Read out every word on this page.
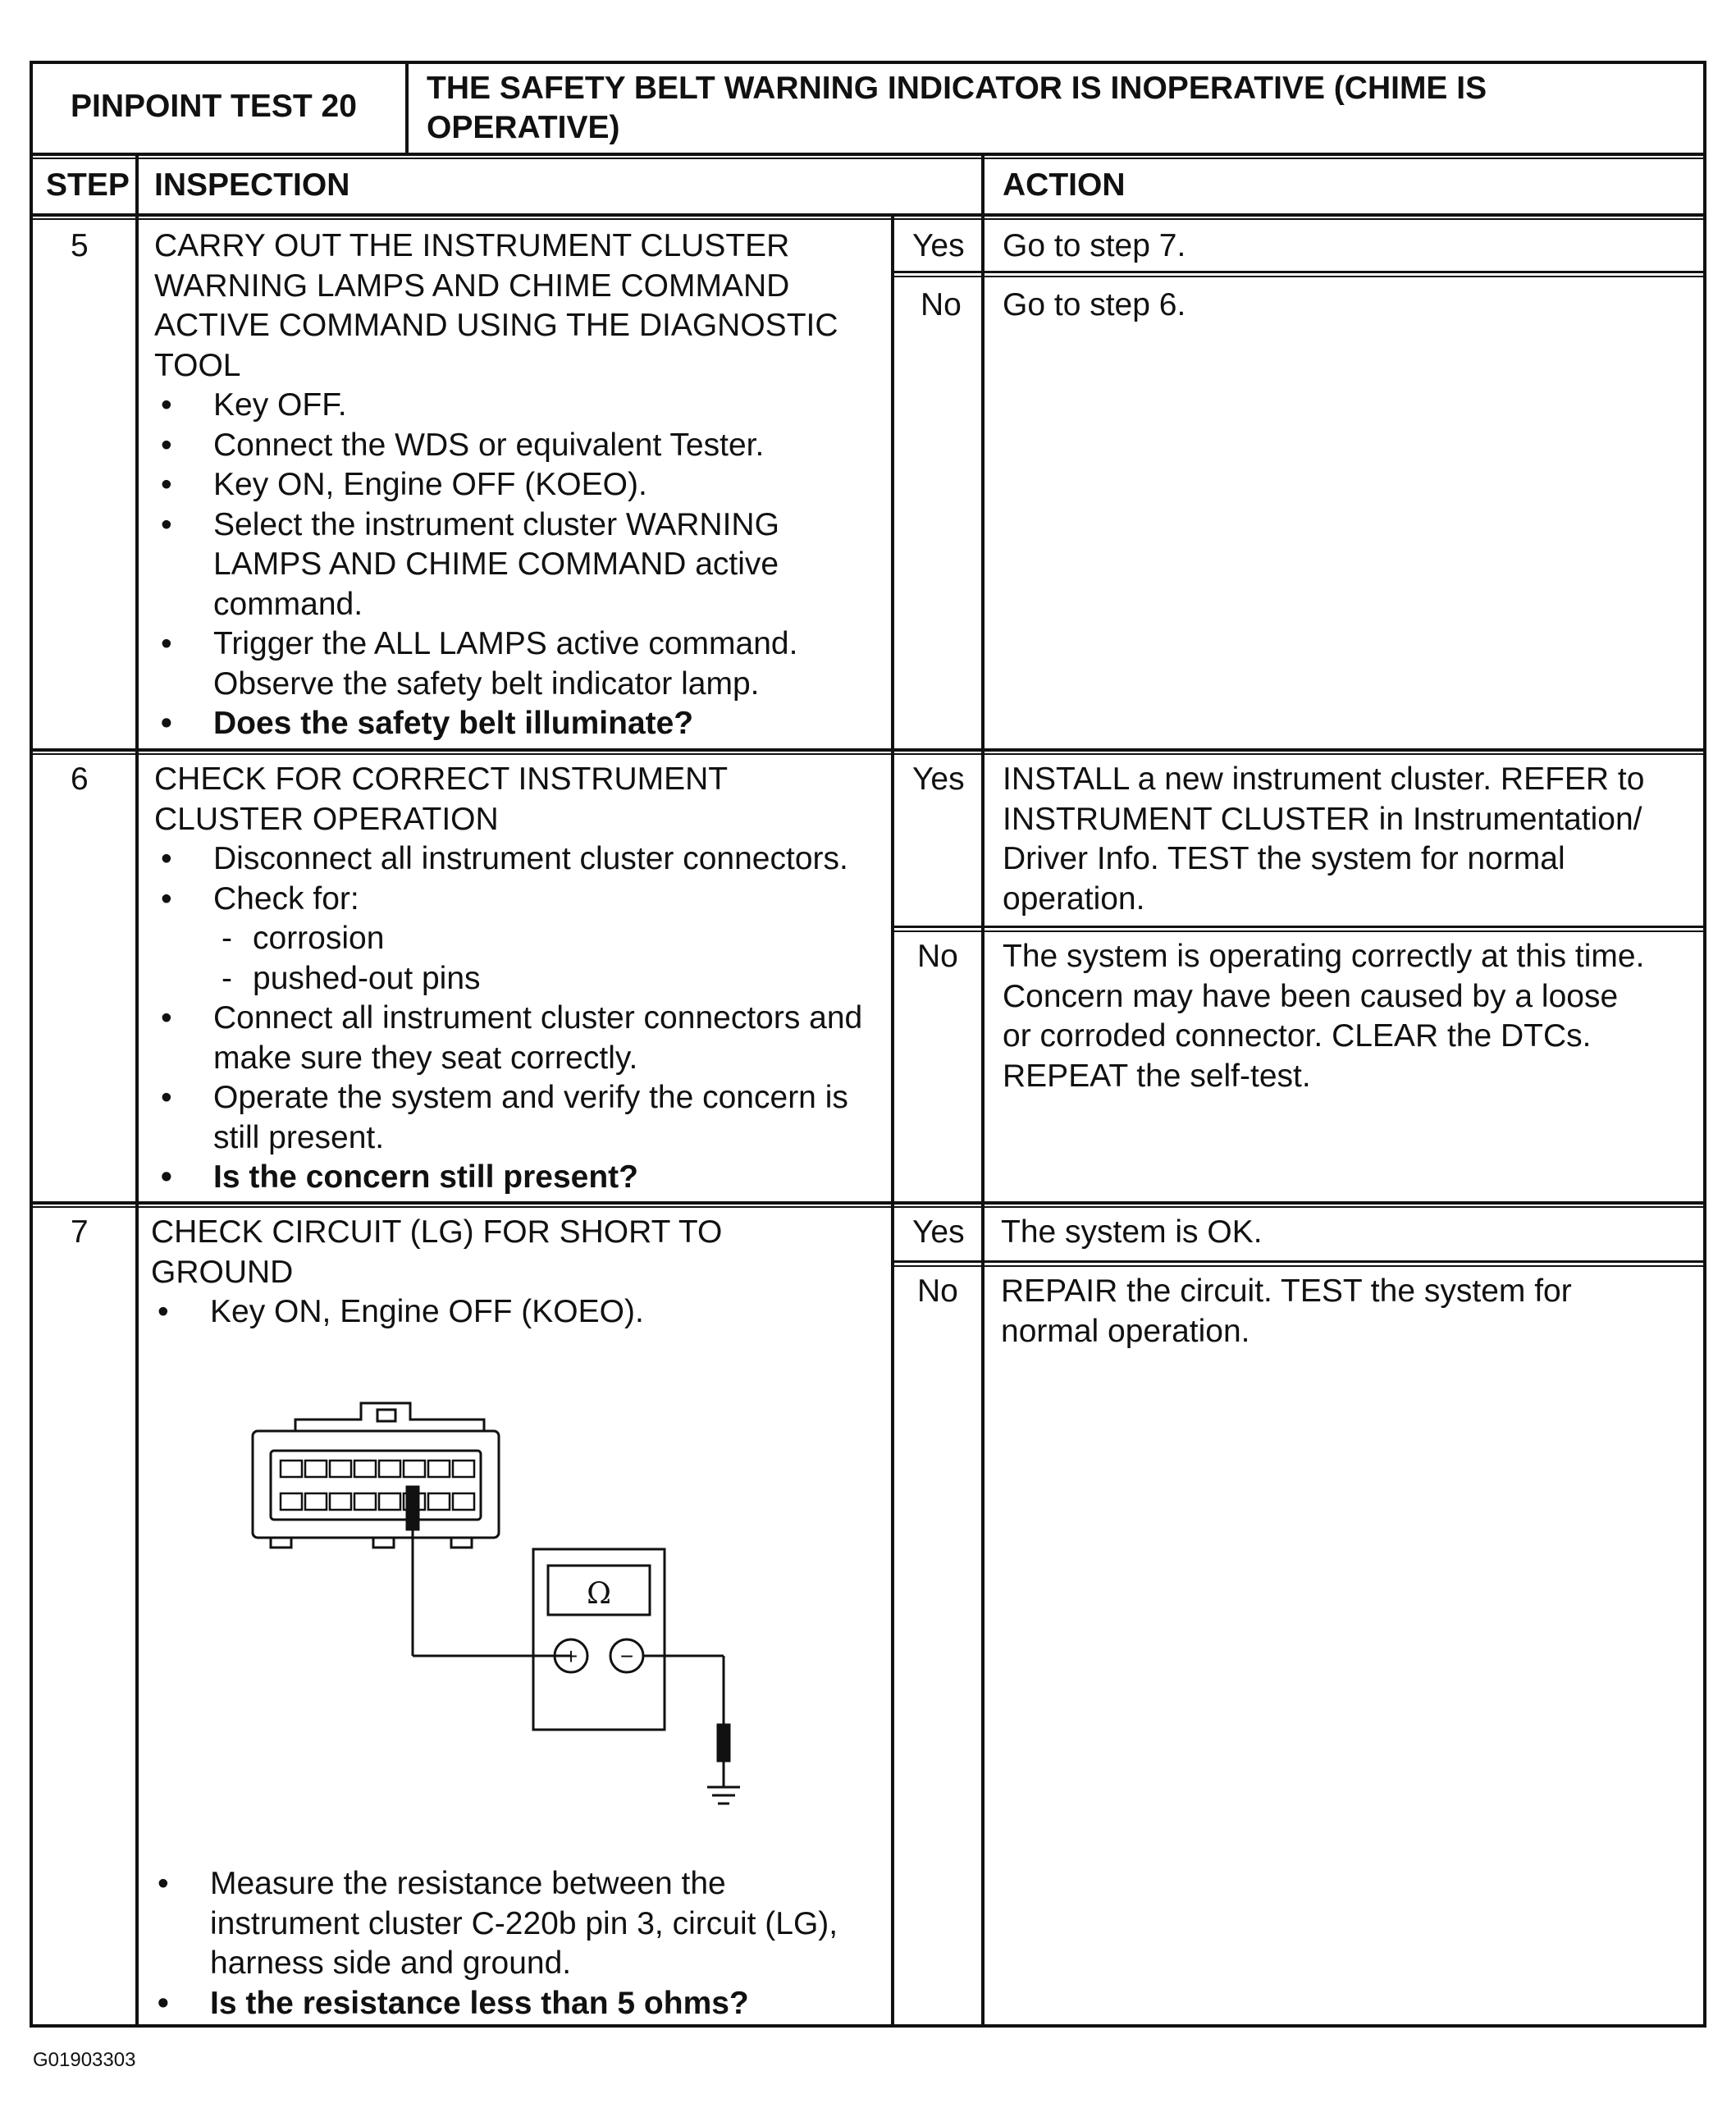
PINPOINT TEST 20
THE SAFETY BELT WARNING INDICATOR IS INOPERATIVE (CHIME IS
OPERATIVE)
STEP INSPECTION	ACTION
5 CARRY OUT THE INSTRUMENT CLUSTER
WARNING LAMPS AND CHIME COMMAND
ACTIVE COMMAND USING THE DIAGNOSTIC
TOOL
• Key OFF.
• Connect the WDS or equivalent Tester.
• Key ON, Engine OFF (KOEO).
• Select the instrument cluster WARNING
LAMPS AND CHIME COMMAND active
command.
• Trigger the ALL LAMPS active command.
Observe the safety belt indicator lamp.
• Does the safety belt illuminate?
Yes Go to step 7.
No Go to step 6.
6 CHECK FOR CORRECT INSTRUMENT
CLUSTER OPERATION
• Disconnect all instrument cluster connectors.
• Check for:
- corrosion
- pushed-out pins
• Connect all instrument cluster connectors and
make sure they seat correctly.
• Operate the system and verify the concern is
still present.
• Is the concern still present?
Yes INSTALL a new instrument cluster. REFER to
INSTRUMENT CLUSTER in Instrumentation/
Driver Info. TEST the system for normal
operation.
No The system is operating correctly at this time.
Concern may have been caused by a loose
or corroded connector. CLEAR the DTCs.
REPEAT the self-test.
7 CHECK CIRCUIT (LG) FOR SHORT TO
GROUND
• Key ON, Engine OFF (KOEO).
Ω
+ −
• Measure the resistance between the
instrument cluster C-220b pin 3, circuit (LG),
harness side and ground.
• Is the resistance less than 5 ohms?
Yes The system is OK.
No REPAIR the circuit. TEST the system for
normal operation.
G01903303
